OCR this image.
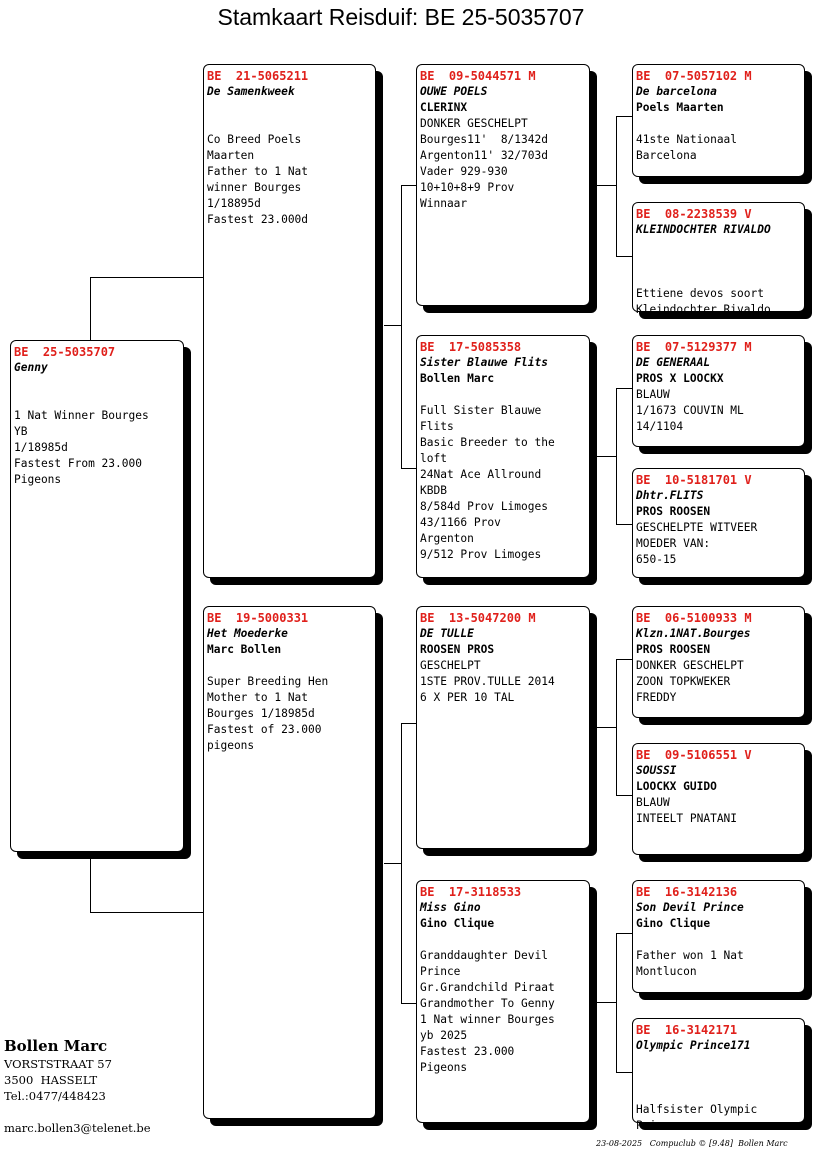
Stamkaart Reisduif: BE 25-5035707
BE  25-5035707
Genny
1 Nat Winner Bourges
YB
1/18985d
Fastest From 23.000
Pigeons
BE  21-5065211
De Samenkweek
Co Breed Poels
Maarten
Father to 1 Nat
winner Bourges
1/18895d
Fastest 23.000d
BE  19-5000331
Het Moederke
Marc Bollen
Super Breeding Hen
Mother to 1 Nat
Bourges 1/18985d
Fastest of 23.000
pigeons
BE  09-5044571 M
OUWE POELS
CLERINX
DONKER GESCHELPT
Bourges11'  8/1342d
Argenton11' 32/703d
Vader 929-930
10+10+8+9 Prov
Winnaar
BE  17-5085358
Sister Blauwe Flits
Bollen Marc
Full Sister Blauwe
Flits
Basic Breeder to the
loft
24Nat Ace Allround
KBDB
8/584d Prov Limoges
43/1166 Prov
Argenton
9/512 Prov Limoges
BE  13-5047200 M
DE TULLE
ROOSEN PROS
GESCHELPT
1STE PROV.TULLE 2014
6 X PER 10 TAL
BE  17-3118533
Miss Gino
Gino Clique
Granddaughter Devil
Prince
Gr.Grandchild Piraat
Grandmother To Genny
1 Nat winner Bourges
yb 2025
Fastest 23.000
Pigeons
BE  07-5057102 M
De barcelona
Poels Maarten
41ste Nationaal
Barcelona
BE  08-2238539 V
KLEINDOCHTER RIVALDO
Ettiene devos soort
Kleindochter Rivaldo
BE  07-5129377 M
DE GENERAAL
PROS X LOOCKX
BLAUW
1/1673 COUVIN ML
14/1104
BE  10-5181701 V
Dhtr.FLITS
PROS ROOSEN
GESCHELPTE WITVEER
MOEDER VAN:
650-15
BE  06-5100933 M
Klzn.1NAT.Bourges
PROS ROOSEN
DONKER GESCHELPT
ZOON TOPKWEKER
FREDDY
BE  09-5106551 V
SOUSSI
LOOCKX GUIDO
BLAUW
INTEELT PNATANI
BE  16-3142136
Son Devil Prince
Gino Clique
Father won 1 Nat
Montlucon
BE  16-3142171
Olympic Prince171
Halfsister Olympic
Prince
Bollen Marc
VORSTSTRAAT 57
3500  HASSELT
Tel.:0477/448423
marc.bollen3@telenet.be
23-08-2025   Compuclub © [9.48]  Bollen Marc
